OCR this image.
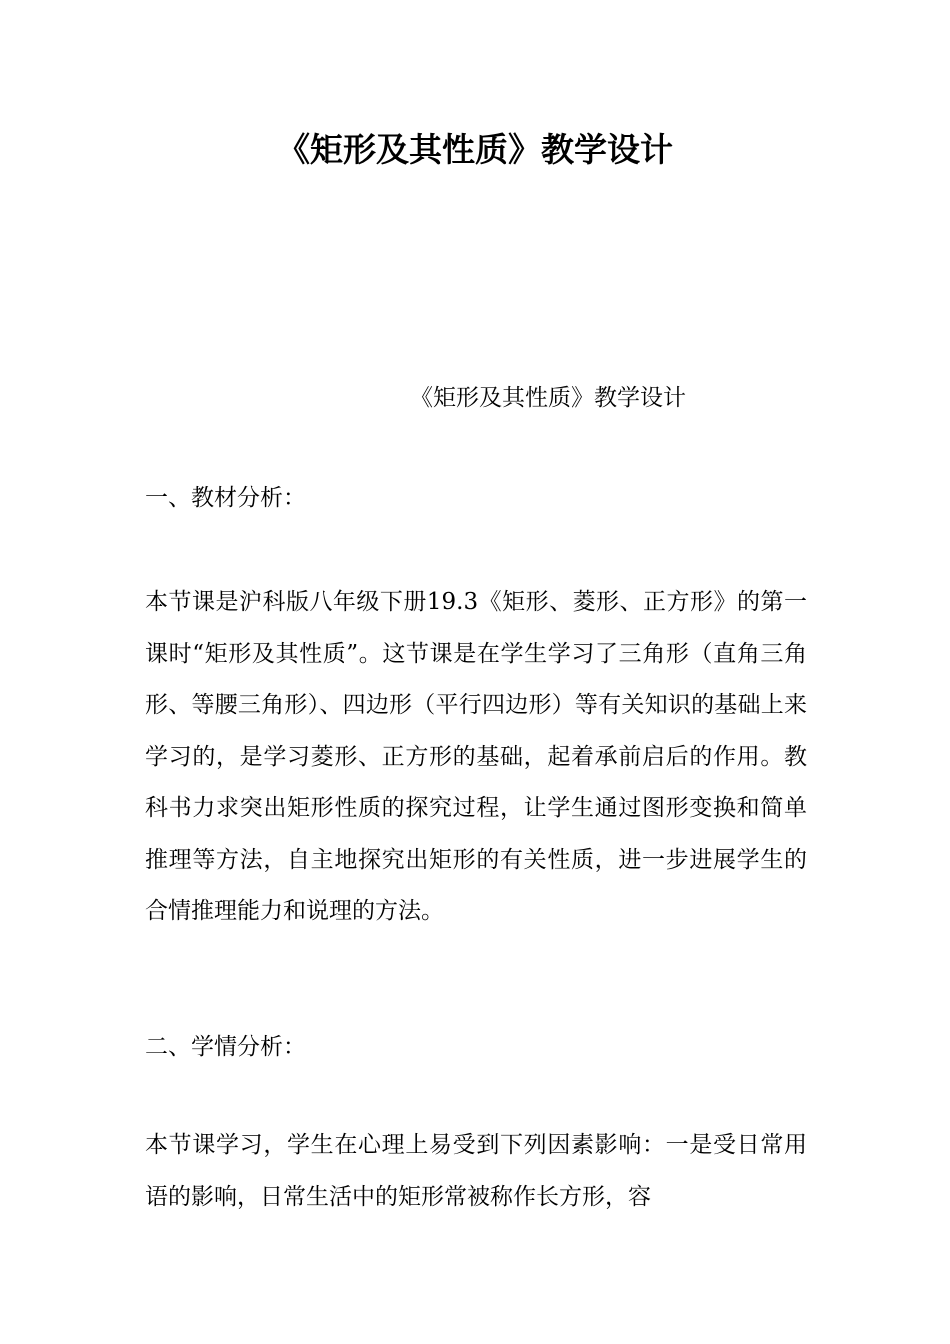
《矩形及其性质》教学设计
《矩形及其性质》教学设计
一、教材分析：
本节课是沪科版八年级下册19.3《矩形、菱形、正方形》的第一课时“矩形及其性质”。这节课是在学生学习了三角形（直角三角形、等腰三角形）、四边形（平行四边形）等有关知识的基础上来学习的，是学习菱形、正方形的基础，起着承前启后的作用。教科书力求突出矩形性质的探究过程，让学生通过图形变换和简单推理等方法，自主地探究出矩形的有关性质，进一步进展学生的合情推理能力和说理的方法。
二、学情分析：
本节课学习，学生在心理上易受到下列因素影响：一是受日常用语的影响，日常生活中的矩形常被称作长方形，容
